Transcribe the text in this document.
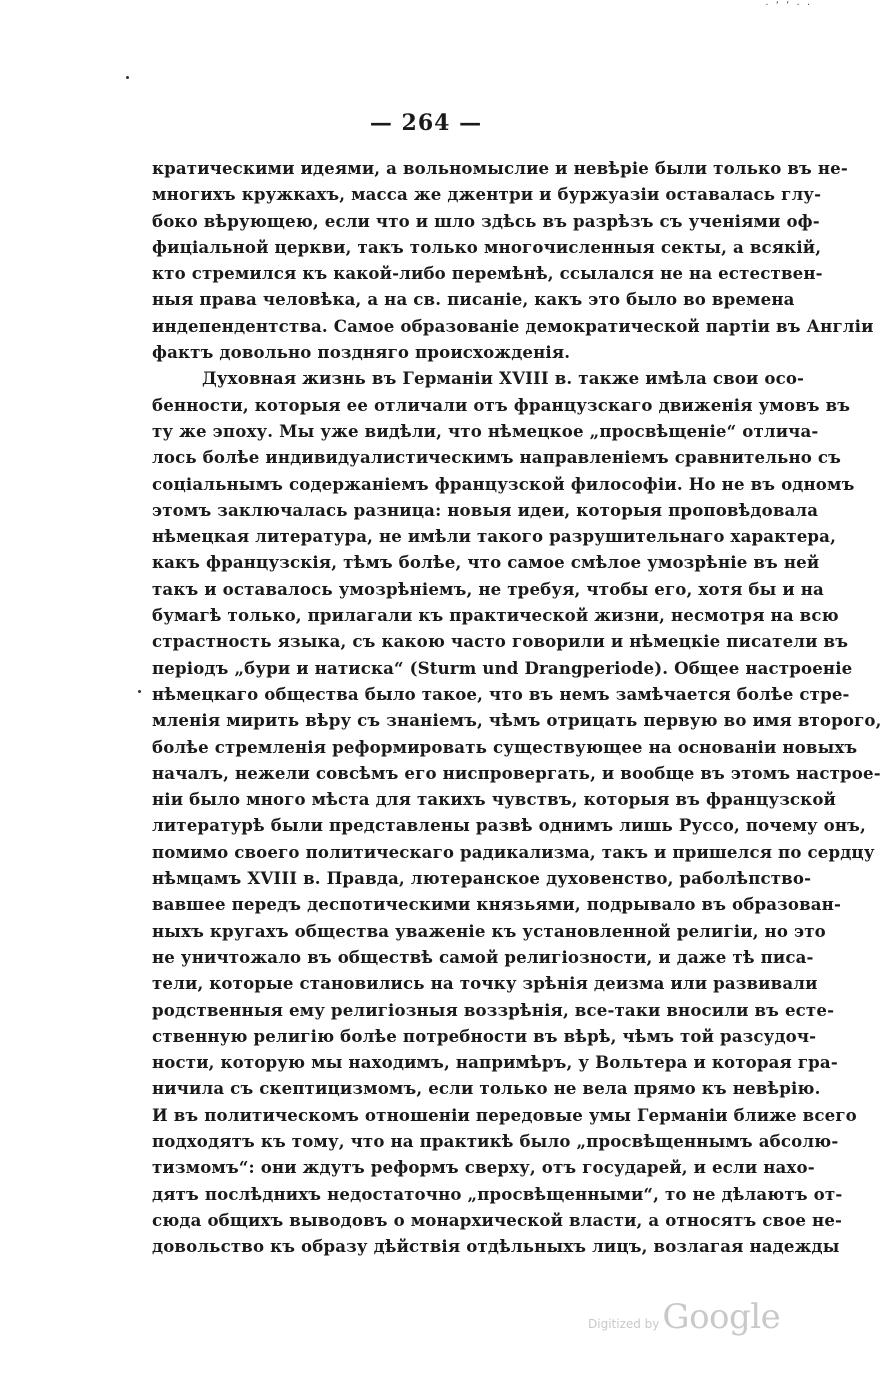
· ‘ ‘ · ·
— 264 —
кратическими идеями, а вольномыслие и невѣріе были только въ не-
многихъ кружкахъ, масса же джентри и буржуазіи оставалась глу-
боко вѣрующею, если что и шло здѣсь въ разрѣзъ съ ученіями оф-
фиціальной церкви, такъ только многочисленныя секты, а всякій,
кто стремился къ какой-либо перемѣнѣ, ссылался не на естествен-
ныя права человѣка, а на св. писаніе, какъ это было во времена
индепендентства. Самое образованіе демократической партіи въ Англіи
фактъ довольно поздняго происхожденія.
Духовная жизнь въ Германіи XVIII в. также имѣла свои осо-
бенности, которыя ее отличали отъ французскаго движенія умовъ въ
ту же эпоху. Мы уже видѣли, что нѣмецкое „просвѣщеніе“ отлича-
лось болѣе индивидуалистическимъ направленіемъ сравнительно съ
соціальнымъ содержаніемъ французской философіи. Но не въ одномъ
этомъ заключалась разница: новыя идеи, которыя проповѣдовала
нѣмецкая литература, не имѣли такого разрушительнаго характера,
какъ французскія, тѣмъ болѣе, что самое смѣлое умозрѣніе въ ней
такъ и оставалось умозрѣніемъ, не требуя, чтобы его, хотя бы и на
бумагѣ только, прилагали къ практической жизни, несмотря на всю
страстность языка, съ какою часто говорили и нѣмецкіе писатели въ
періодъ „бури и натиска“ (Sturm und Drangperiode). Общее настроеніе
нѣмецкаго общества было такое, что въ немъ замѣчается болѣе стре-
мленія мирить вѣру съ знаніемъ, чѣмъ отрицать первую во имя второго,
болѣе стремленія реформировать существующее на основаніи новыхъ
началъ, нежели совсѣмъ его ниспровергать, и вообще въ этомъ настрое-
ніи было много мѣста для такихъ чувствъ, которыя въ французской
литературѣ были представлены развѣ однимъ лишь Руссо, почему онъ,
помимо своего политическаго радикализма, такъ и пришелся по сердцу
нѣмцамъ XVIII в. Правда, лютеранское духовенство, раболѣпство-
вавшее передъ деспотическими князьями, подрывало въ образован-
ныхъ кругахъ общества уваженіе къ установленной религіи, но это
не уничтожало въ обществѣ самой религіозности, и даже тѣ писа-
тели, которые становились на точку зрѣнія деизма или развивали
родственныя ему религіозныя воззрѣнія, все-таки вносили въ есте-
ственную религію болѣе потребности въ вѣрѣ, чѣмъ той разсудоч-
ности, которую мы находимъ, напримѣръ, у Вольтера и которая гра-
ничила съ скептицизмомъ, если только не вела прямо къ невѣрію.
И въ политическомъ отношеніи передовые умы Германіи ближе всего
подходятъ къ тому, что на практикѣ было „просвѣщеннымъ абсолю-
тизмомъ“: они ждутъ реформъ сверху, отъ государей, и если нахо-
дятъ послѣднихъ недостаточно „просвѣщенными“, то не дѣлаютъ от-
сюда общихъ выводовъ о монархической власти, а относятъ свое не-
довольство къ образу дѣйствія отдѣльныхъ лицъ, возлагая надежды
Digitized by Google
